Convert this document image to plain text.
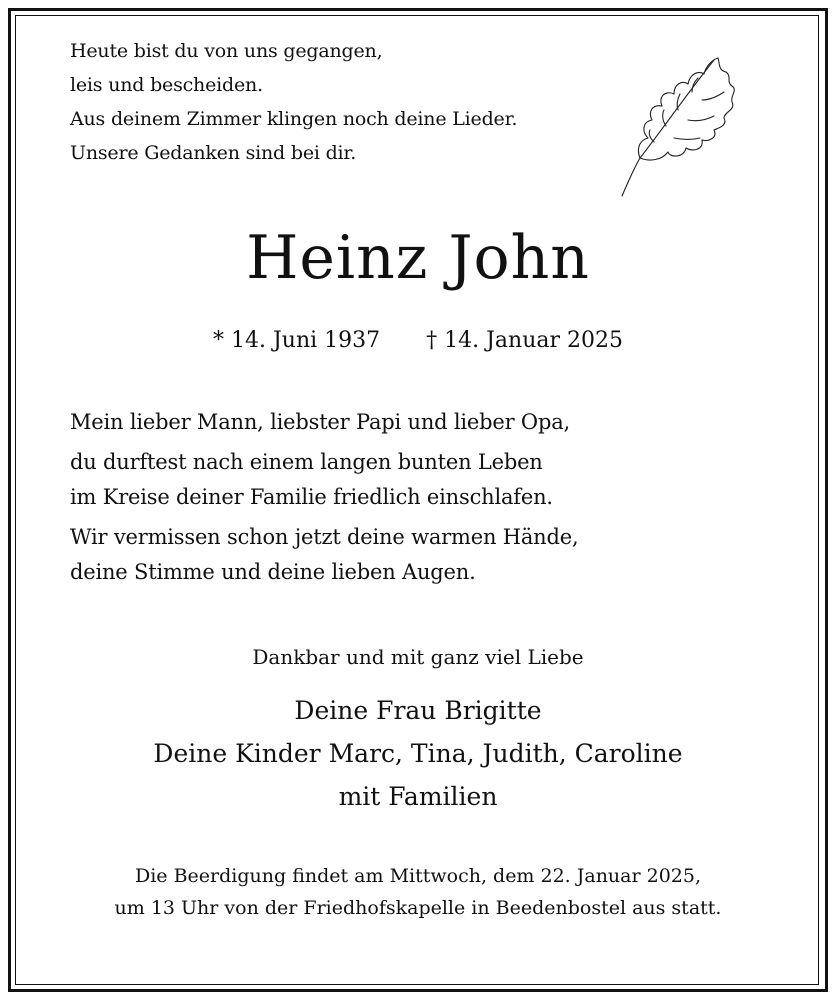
Heute bist du von uns gegangen,
leis und bescheiden.
Aus deinem Zimmer klingen noch deine Lieder.
Unsere Gedanken sind bei dir.
Heinz John
* 14. Juni 1937 † 14. Januar 2025
Mein lieber Mann, liebster Papi und lieber Opa,
du durftest nach einem langen bunten Leben
im Kreise deiner Familie friedlich einschlafen.
Wir vermissen schon jetzt deine warmen Hände,
deine Stimme und deine lieben Augen.
Dankbar und mit ganz viel Liebe
Deine Frau Brigitte
Deine Kinder Marc, Tina, Judith, Caroline
mit Familien
Die Beerdigung findet am Mittwoch, dem 22. Januar 2025,
um 13 Uhr von der Friedhofskapelle in Beedenbostel aus statt.
